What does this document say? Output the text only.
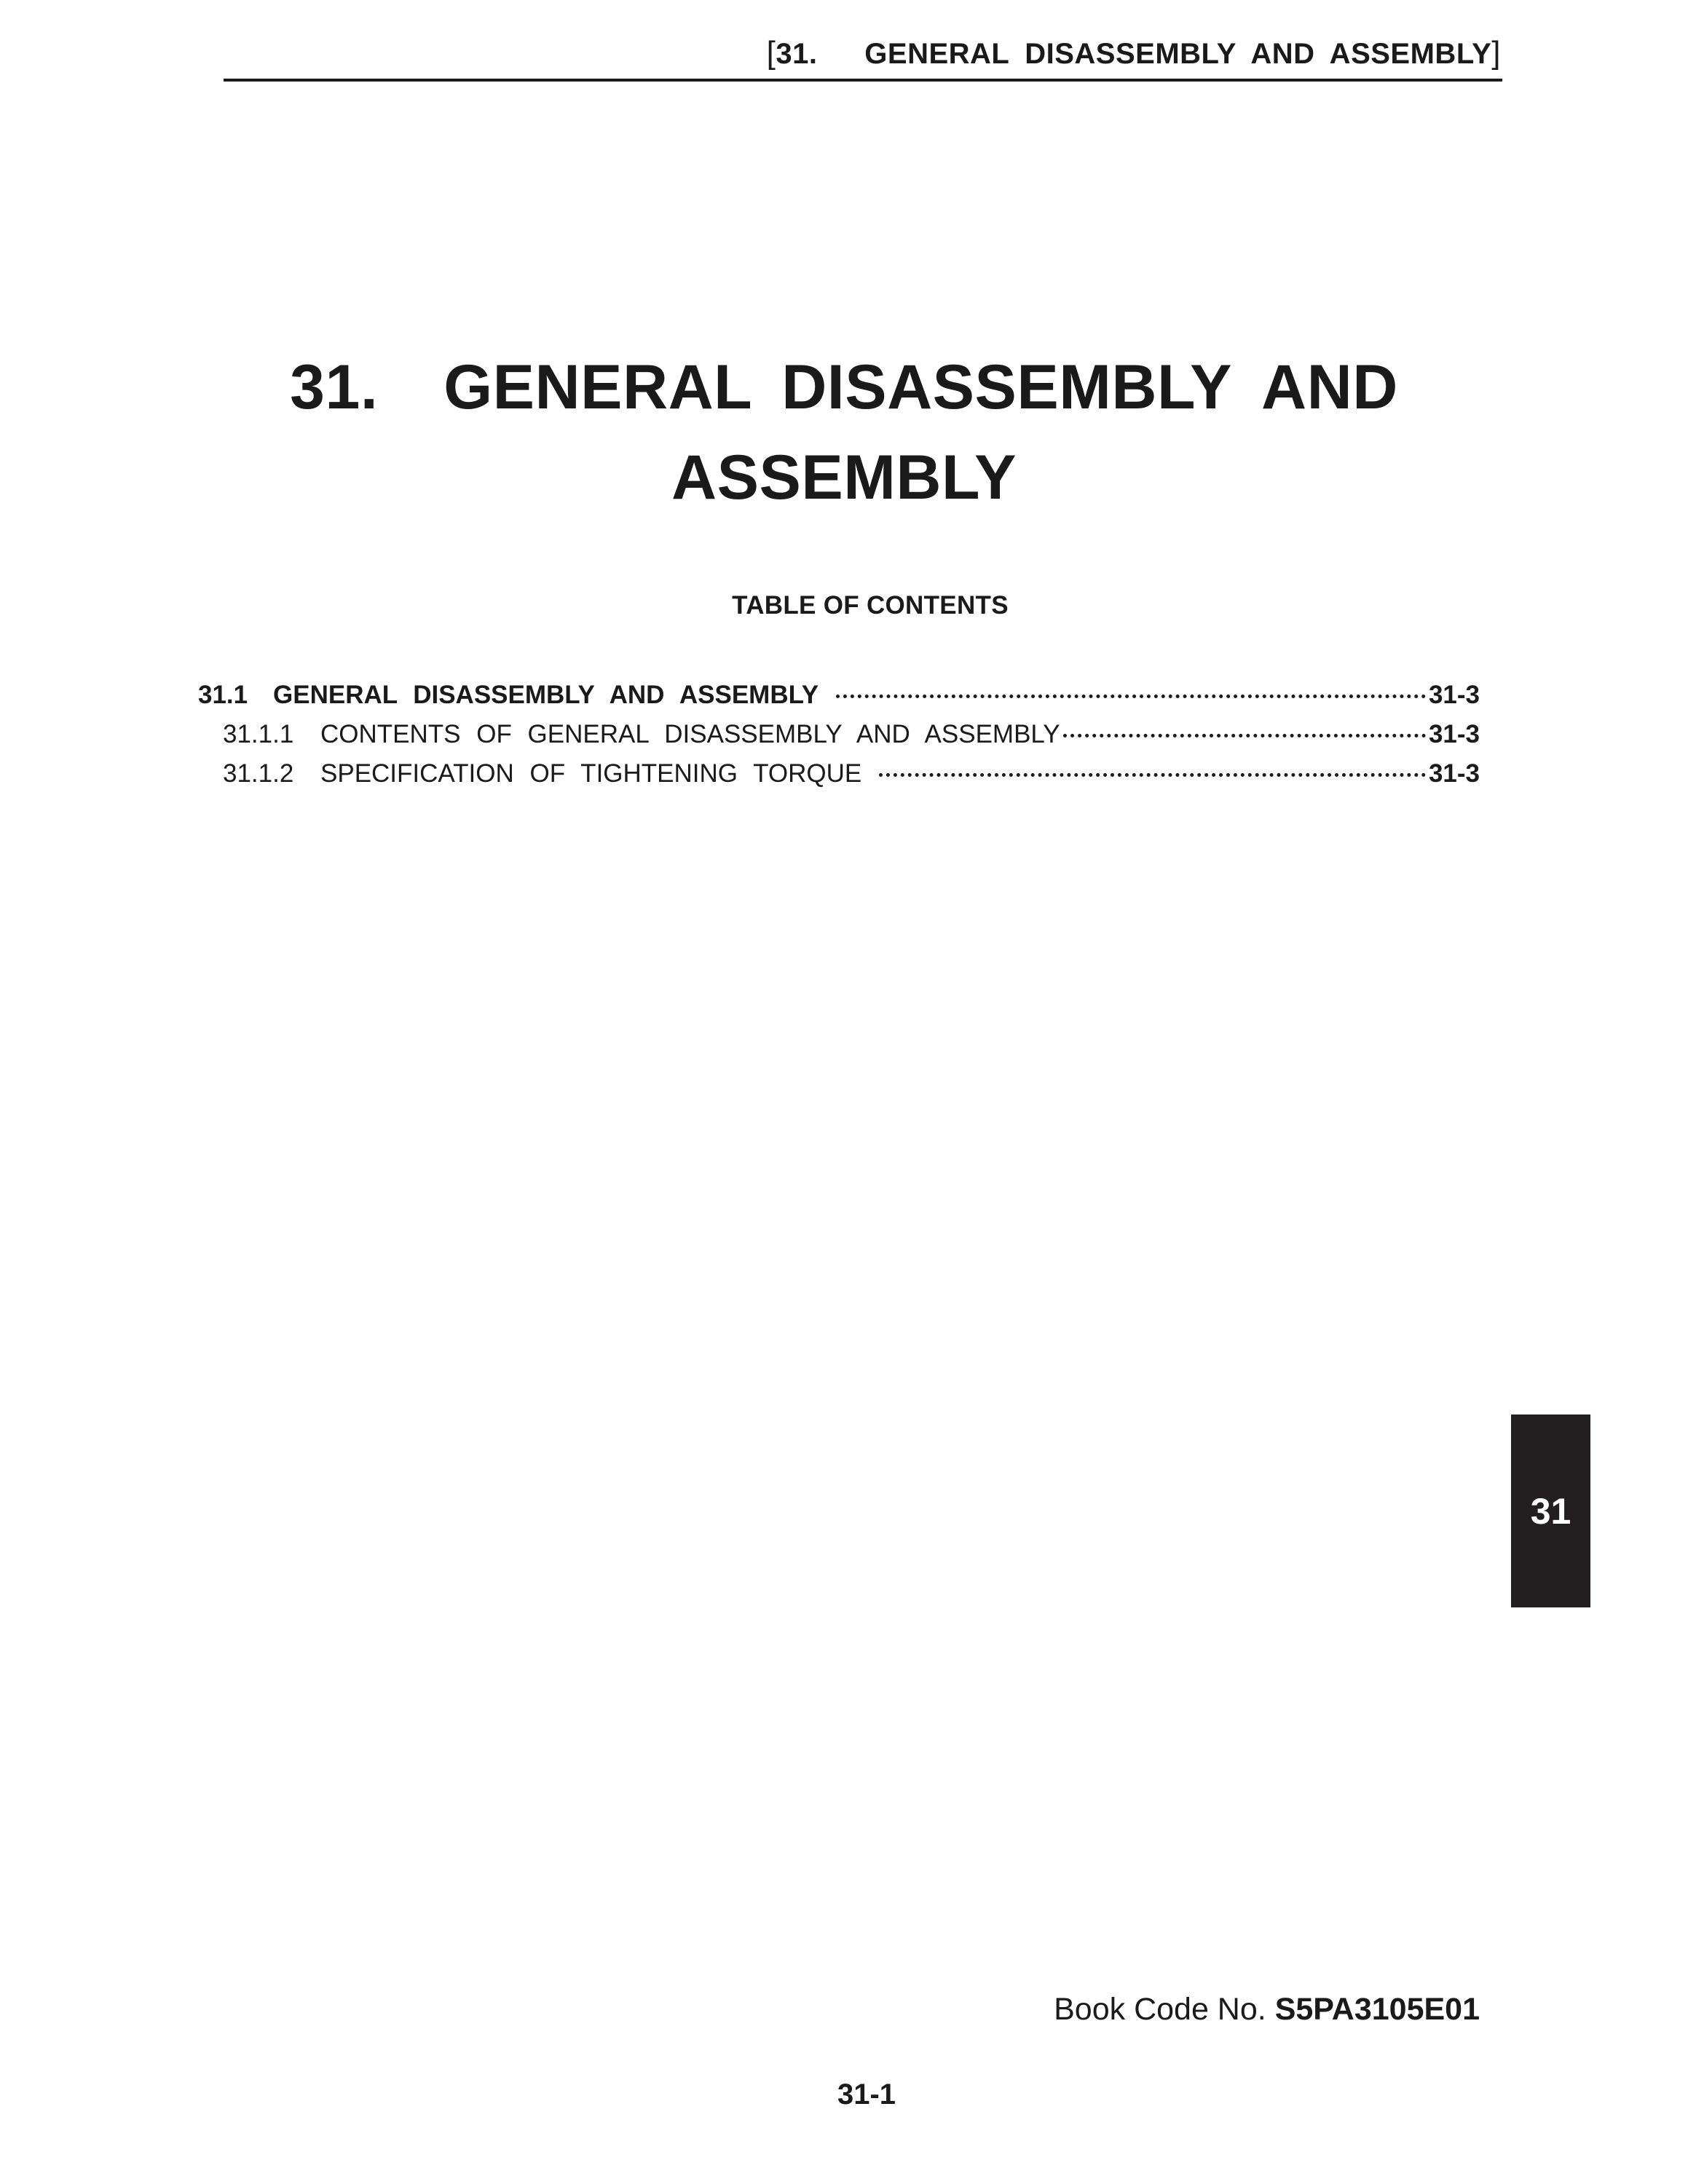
[31.   GENERAL DISASSEMBLY AND ASSEMBLY]
31. GENERAL DISASSEMBLY AND
ASSEMBLY
TABLE OF CONTENTS
31.1 GENERAL DISASSEMBLY AND ASSEMBLY	31-3
31.1.1	CONTENTS OF GENERAL DISASSEMBLY AND ASSEMBLY	31-3
31.1.2	SPECIFICATION OF TIGHTENING TORQUE	31-3
31
Book Code No. S5PA3105E01
31-1
